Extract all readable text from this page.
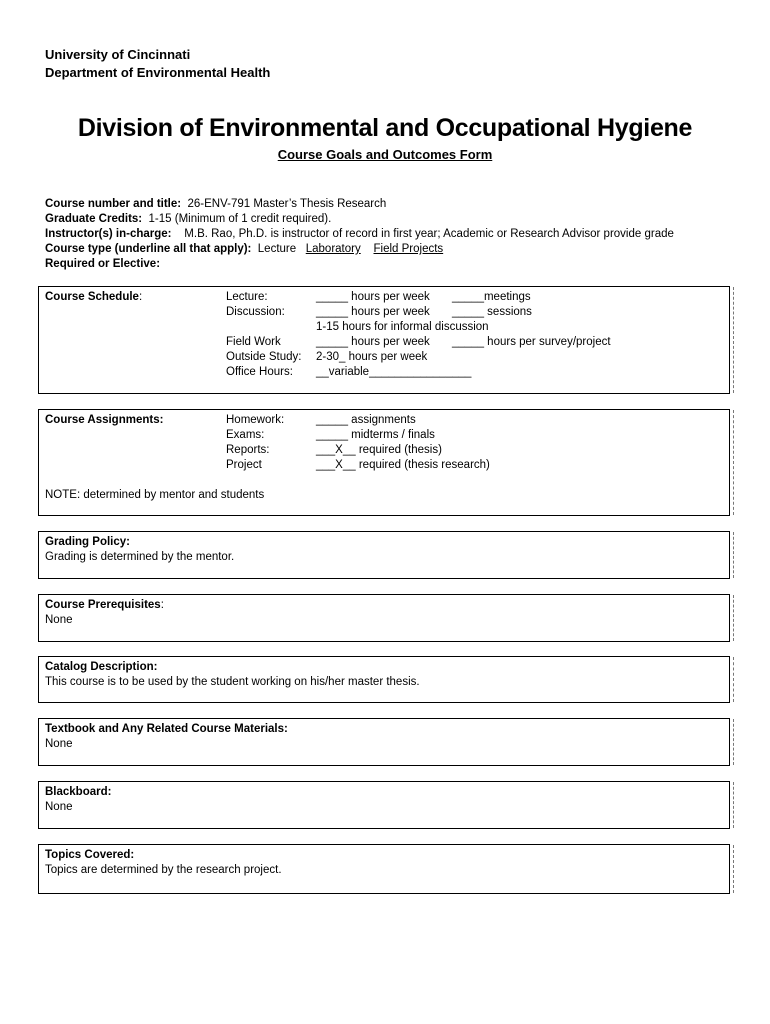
University of Cincinnati
Department of Environmental Health
Division of Environmental and Occupational Hygiene
Course Goals and Outcomes Form
Course number and title: 26-ENV-791 Master’s Thesis Research
Graduate Credits: 1-15 (Minimum of 1 credit required).
Instructor(s) in-charge: M.B. Rao, Ph.D. is instructor of record in first year; Academic or Research Advisor provide grade
Course type (underline all that apply): Lecture Laboratory Field Projects
Required or Elective:
Course Schedule:	Lecture:	_____ hours per week _____meetings
Discussion:	_____ hours per week _____ sessions
1-15 hours for informal discussion
Field Work	_____ hours per week _____ hours per survey/project
Outside Study: 2-30_ hours per week
Office Hours: __variable________________
Course Assignments:	Homework:	_____ assignments
Exams:	_____ midterms / finals
Reports:	___X__ required (thesis)
Project	___X__ required (thesis research)
NOTE: determined by mentor and students
Grading Policy:
Grading is determined by the mentor.
Course Prerequisites:
None
Catalog Description:
This course is to be used by the student working on his/her master thesis.
Textbook and Any Related Course Materials:
None
Blackboard:
None
Topics Covered:
Topics are determined by the research project.
